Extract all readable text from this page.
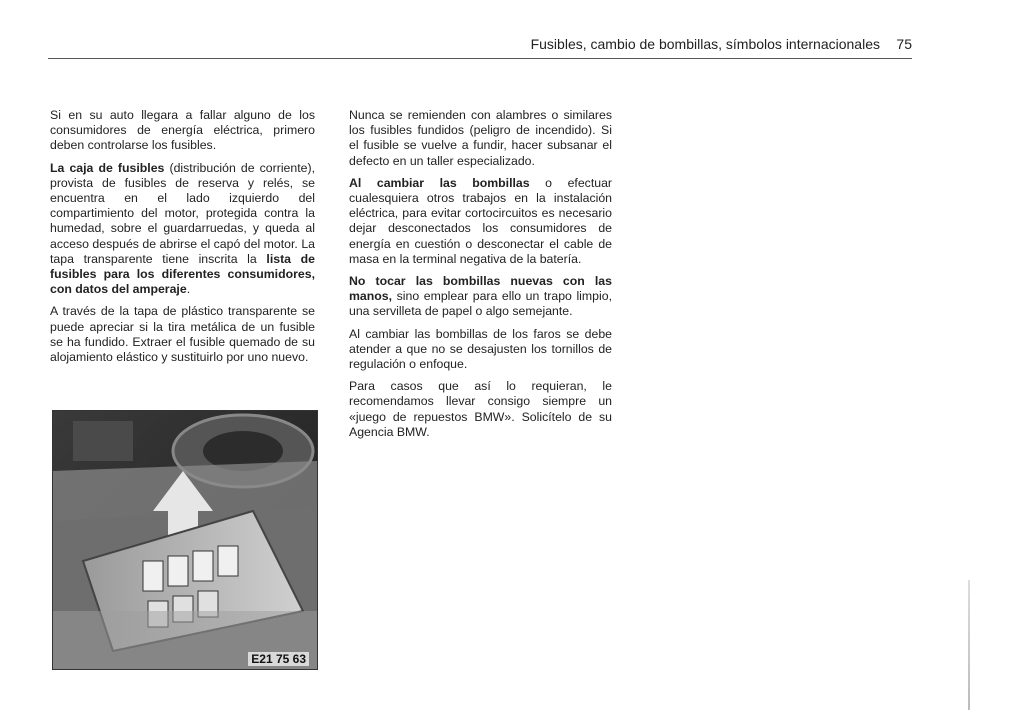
Fusibles, cambio de bombillas, símbolos internacionales 75

Si en su auto llegara a fallar alguno de los consumidores de energía eléctrica, primero deben controlarse los fusibles.

La caja de fusibles (distribución de corriente), provista de fusibles de reserva y relés, se encuentra en el lado izquierdo del compartimiento del motor, protegida contra la humedad, sobre el guardarruedas, y queda al acceso después de abrirse el capó del motor. La tapa transparente tiene inscrita la lista de fusibles para los diferentes consumidores, con datos del amperaje.

A través de la tapa de plástico transparente se puede apreciar si la tira metálica de un fusible se ha fundido. Extraer el fusible quemado de su alojamiento elástico y sustituirlo por uno nuevo.

E21 75 63

Nunca se remienden con alambres o similares los fusibles fundidos (peligro de incendido). Si el fusible se vuelve a fundir, hacer subsanar el defecto en un taller especializado.

Al cambiar las bombillas o efectuar cualesquiera otros trabajos en la instalación eléctrica, para evitar cortocircuitos es necesario dejar desconectados los consumidores de energía en cuestión o desconectar el cable de masa en la terminal negativa de la batería.

No tocar las bombillas nuevas con las manos, sino emplear para ello un trapo limpio, una servilleta de papel o algo semejante.

Al cambiar las bombillas de los faros se debe atender a que no se desajusten los tornillos de regulación o enfoque.

Para casos que así lo requieran, le recomendamos llevar consigo siempre un «juego de repuestos BMW». Solicítelo de su Agencia BMW.
